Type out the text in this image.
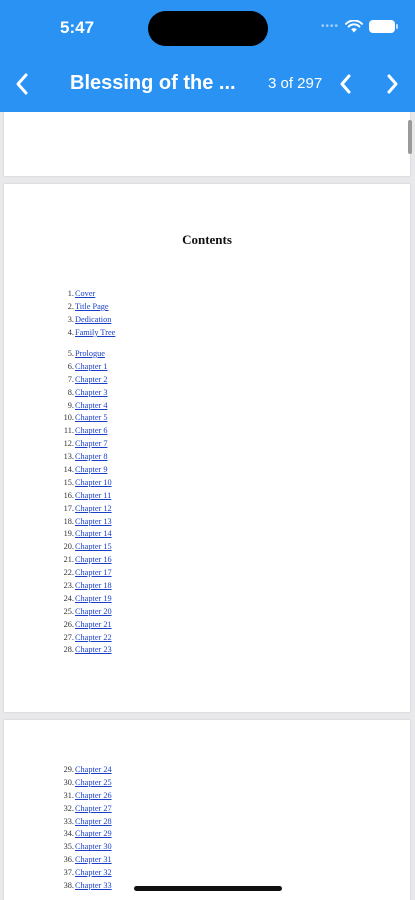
5:47	••••
Blessing of the ... 3 of 297
Contents
1.Cover
2.Title Page
3.Dedication
4.Family Tree
5.Prologue
6.Chapter 1
7.Chapter 2
8.Chapter 3
9.Chapter 4
10.Chapter 5
11.Chapter 6
12.Chapter 7
13.Chapter 8
14.Chapter 9
15.Chapter 10
16.Chapter 11
17.Chapter 12
18.Chapter 13
19.Chapter 14
20.Chapter 15
21.Chapter 16
22.Chapter 17
23.Chapter 18
24.Chapter 19
25.Chapter 20
26.Chapter 21
27.Chapter 22
28.Chapter 23
29.Chapter 24
30.Chapter 25
31.Chapter 26
32.Chapter 27
33.Chapter 28
34.Chapter 29
35.Chapter 30
36.Chapter 31
37.Chapter 32
38.Chapter 33
